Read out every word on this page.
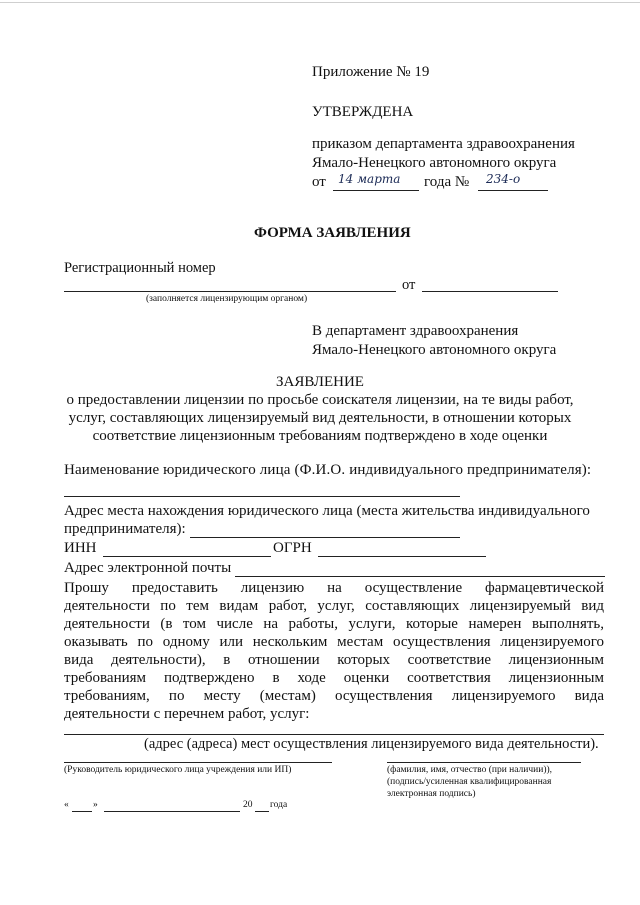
Приложение № 19
УТВЕРЖДЕНА
приказом департамента здравоохранения
Ямало-Ненецкого автономного округа
от 14 марта года № 234-о
ФОРМА ЗАЯВЛЕНИЯ
Регистрационный номер
от
(заполняется лицензирующим органом)
В департамент здравоохранения
Ямало-Ненецкого автономного округа
ЗАЯВЛЕНИЕ
о предоставлении лицензии по просьбе соискателя лицензии, на те виды работ,
услуг, составляющих лицензируемый вид деятельности, в отношении которых
соответствие лицензионным требованиям подтверждено в ходе оценки
Наименование юридического лица (Ф.И.О. индивидуального предпринимателя):
Адрес места нахождения юридического лица (места жительства индивидуального
предпринимателя):
ИНН	ОГРН
Адрес электронной почты
Прошу предоставить лицензию на осуществление фармацевтической
деятельности по тем видам работ, услуг, составляющих лицензируемый вид
деятельности (в том числе на работы, услуги, которые намерен выполнять,
оказывать по одному или нескольким местам осуществления лицензируемого
вида деятельности), в отношении которых соответствие лицензионным
требованиям подтверждено в ходе оценки соответствия лицензионным
требованиям, по месту (местам) осуществления лицензируемого вида
деятельности с перечнем работ, услуг:
(адрес (адреса) мест осуществления лицензируемого вида деятельности).
(Руководитель юридического лица учреждения или ИП)	(фамилия, имя, отчество (при наличии)),
(подпись/усиленная квалифицированная
электронная подпись)
«	»	20 года
